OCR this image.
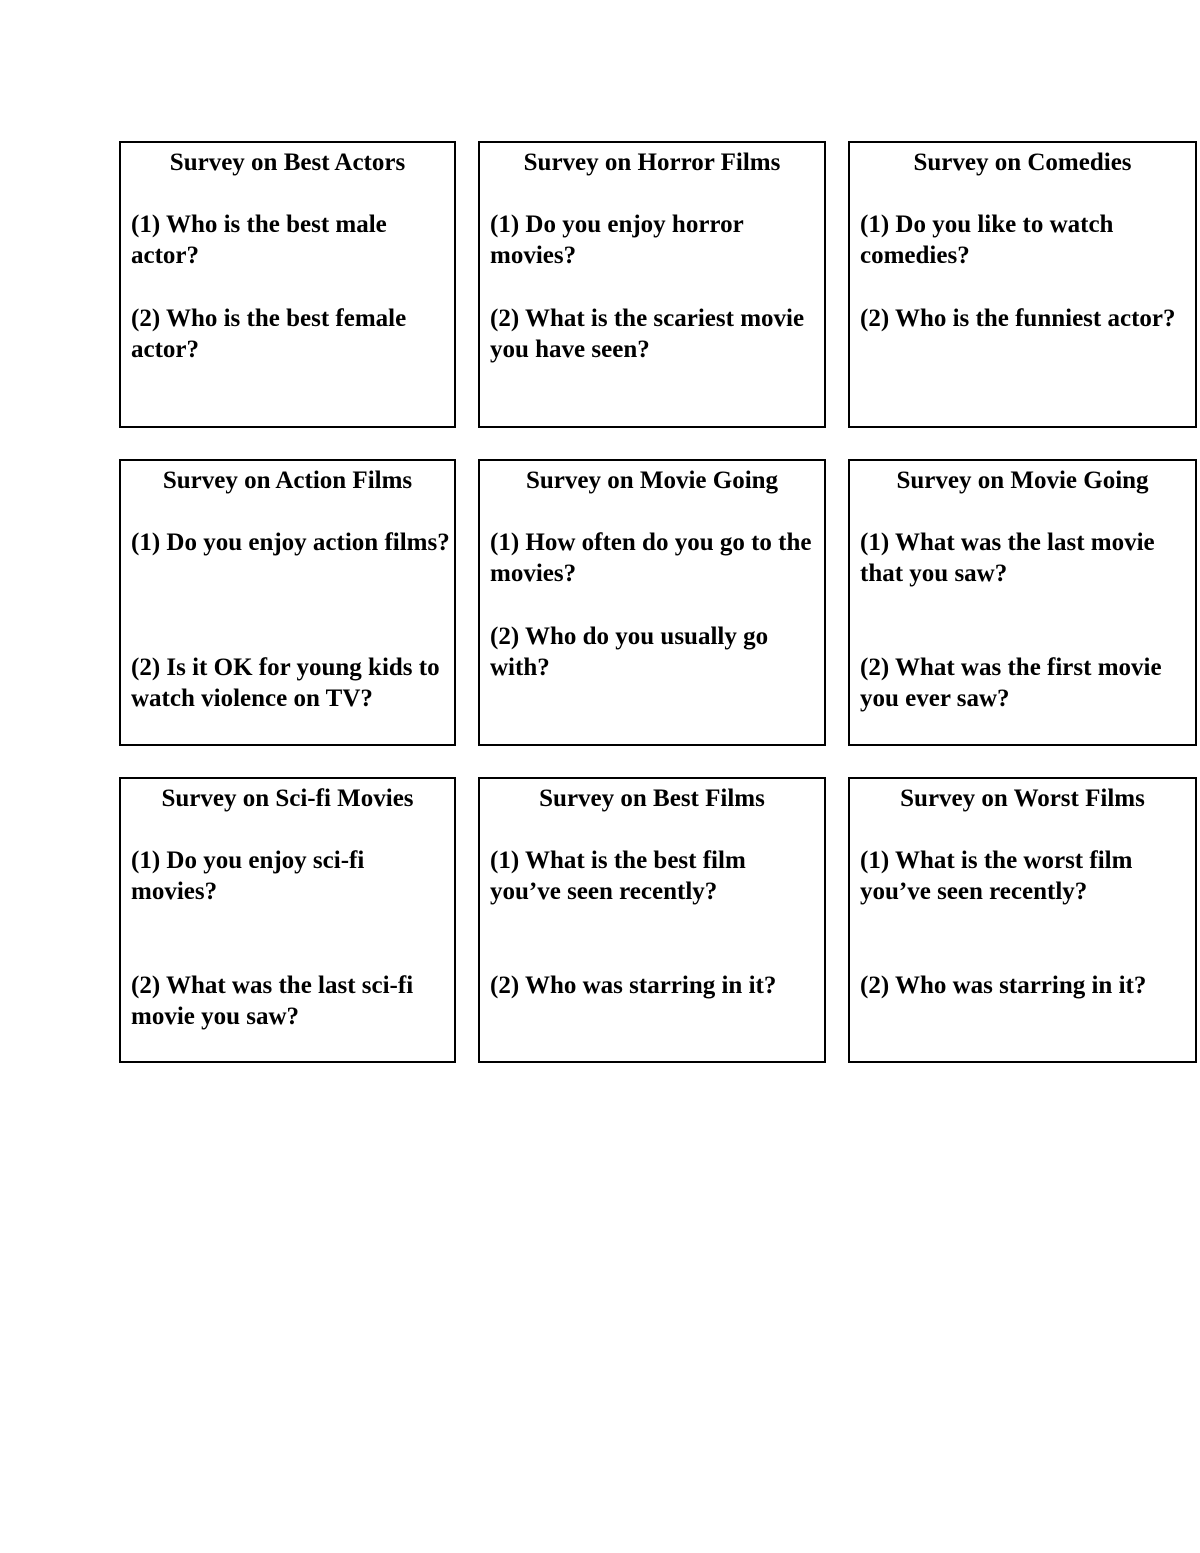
Survey on Best Actors
(1) Who is the best male actor?
(2) Who is the best female actor?
Survey on Horror Films
(1) Do you enjoy horror movies?
(2) What is the scariest movie you have seen?
Survey on Comedies
(1) Do you like to watch comedies?
(2) Who is the funniest actor?
Survey on Action Films
(1) Do you enjoy action films?
(2) Is it OK for young kids to watch violence on TV?
Survey on Movie Going
(1) How often do you go to the movies?
(2) Who do you usually go with?
Survey on Movie Going
(1) What was the last movie that you saw?
(2) What was the first movie you ever saw?
Survey on Sci-fi Movies
(1) Do you enjoy sci-fi movies?
(2) What was the last sci-fi movie you saw?
Survey on Best Films
(1) What is the best film you’ve seen recently?
(2) Who was starring in it?
Survey on Worst Films
(1) What is the worst film you’ve seen recently?
(2) Who was starring in it?
